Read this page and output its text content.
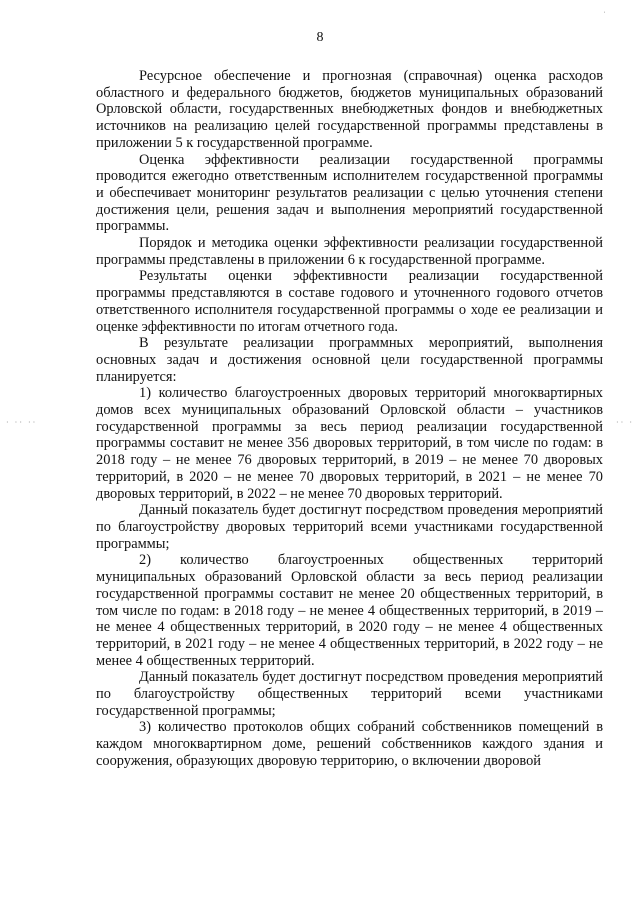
ˈ
· ·· ··	·· ·
8

Ресурсное обеспечение и прогнозная (справочная) оценка расходов областного и федерального бюджетов, бюджетов муниципальных образований Орловской области, государственных внебюджетных фондов и внебюджетных источников на реализацию целей государственной программы представлены в приложении 5 к государственной программе.

Оценка эффективности реализации государственной программы проводится ежегодно ответственным исполнителем государственной программы и обеспечивает мониторинг результатов реализации с целью уточнения степени достижения цели, решения задач и выполнения мероприятий государственной программы.

Порядок и методика оценки эффективности реализации государственной программы представлены в приложении 6 к государственной программе.

Результаты оценки эффективности реализации государственной программы представляются в составе годового и уточненного годового отчетов ответственного исполнителя государственной программы о ходе ее реализации и оценке эффективности по итогам отчетного года.

В результате реализации программных мероприятий, выполнения основных задач и достижения основной цели государственной программы планируется:

1) количество благоустроенных дворовых территорий многоквартирных домов всех муниципальных образований Орловской области – участников государственной программы за весь период реализации государственной программы составит не менее 356 дворовых территорий, в том числе по годам: в 2018 году – не менее 76 дворовых территорий, в 2019 – не менее 70 дворовых территорий, в 2020 – не менее 70 дворовых территорий, в 2021 – не менее 70 дворовых территорий, в 2022 – не менее 70 дворовых территорий.

Данный показатель будет достигнут посредством проведения мероприятий по благоустройству дворовых территорий всеми участниками государственной программы;

2) количество благоустроенных общественных территорий муниципальных образований Орловской области за весь период реализации государственной программы составит не менее 20 общественных территорий, в том числе по годам: в 2018 году – не менее 4 общественных территорий, в 2019 – не менее 4 общественных территорий, в 2020 году – не менее 4 общественных территорий, в 2021 году – не менее 4 общественных территорий, в 2022 году – не менее 4 общественных территорий.

Данный показатель будет достигнут посредством проведения мероприятий по благоустройству общественных территорий всеми участниками государственной программы;

3) количество протоколов общих собраний собственников помещений в каждом многоквартирном доме, решений собственников каждого здания и сооружения, образующих дворовую территорию, о включении дворовой
